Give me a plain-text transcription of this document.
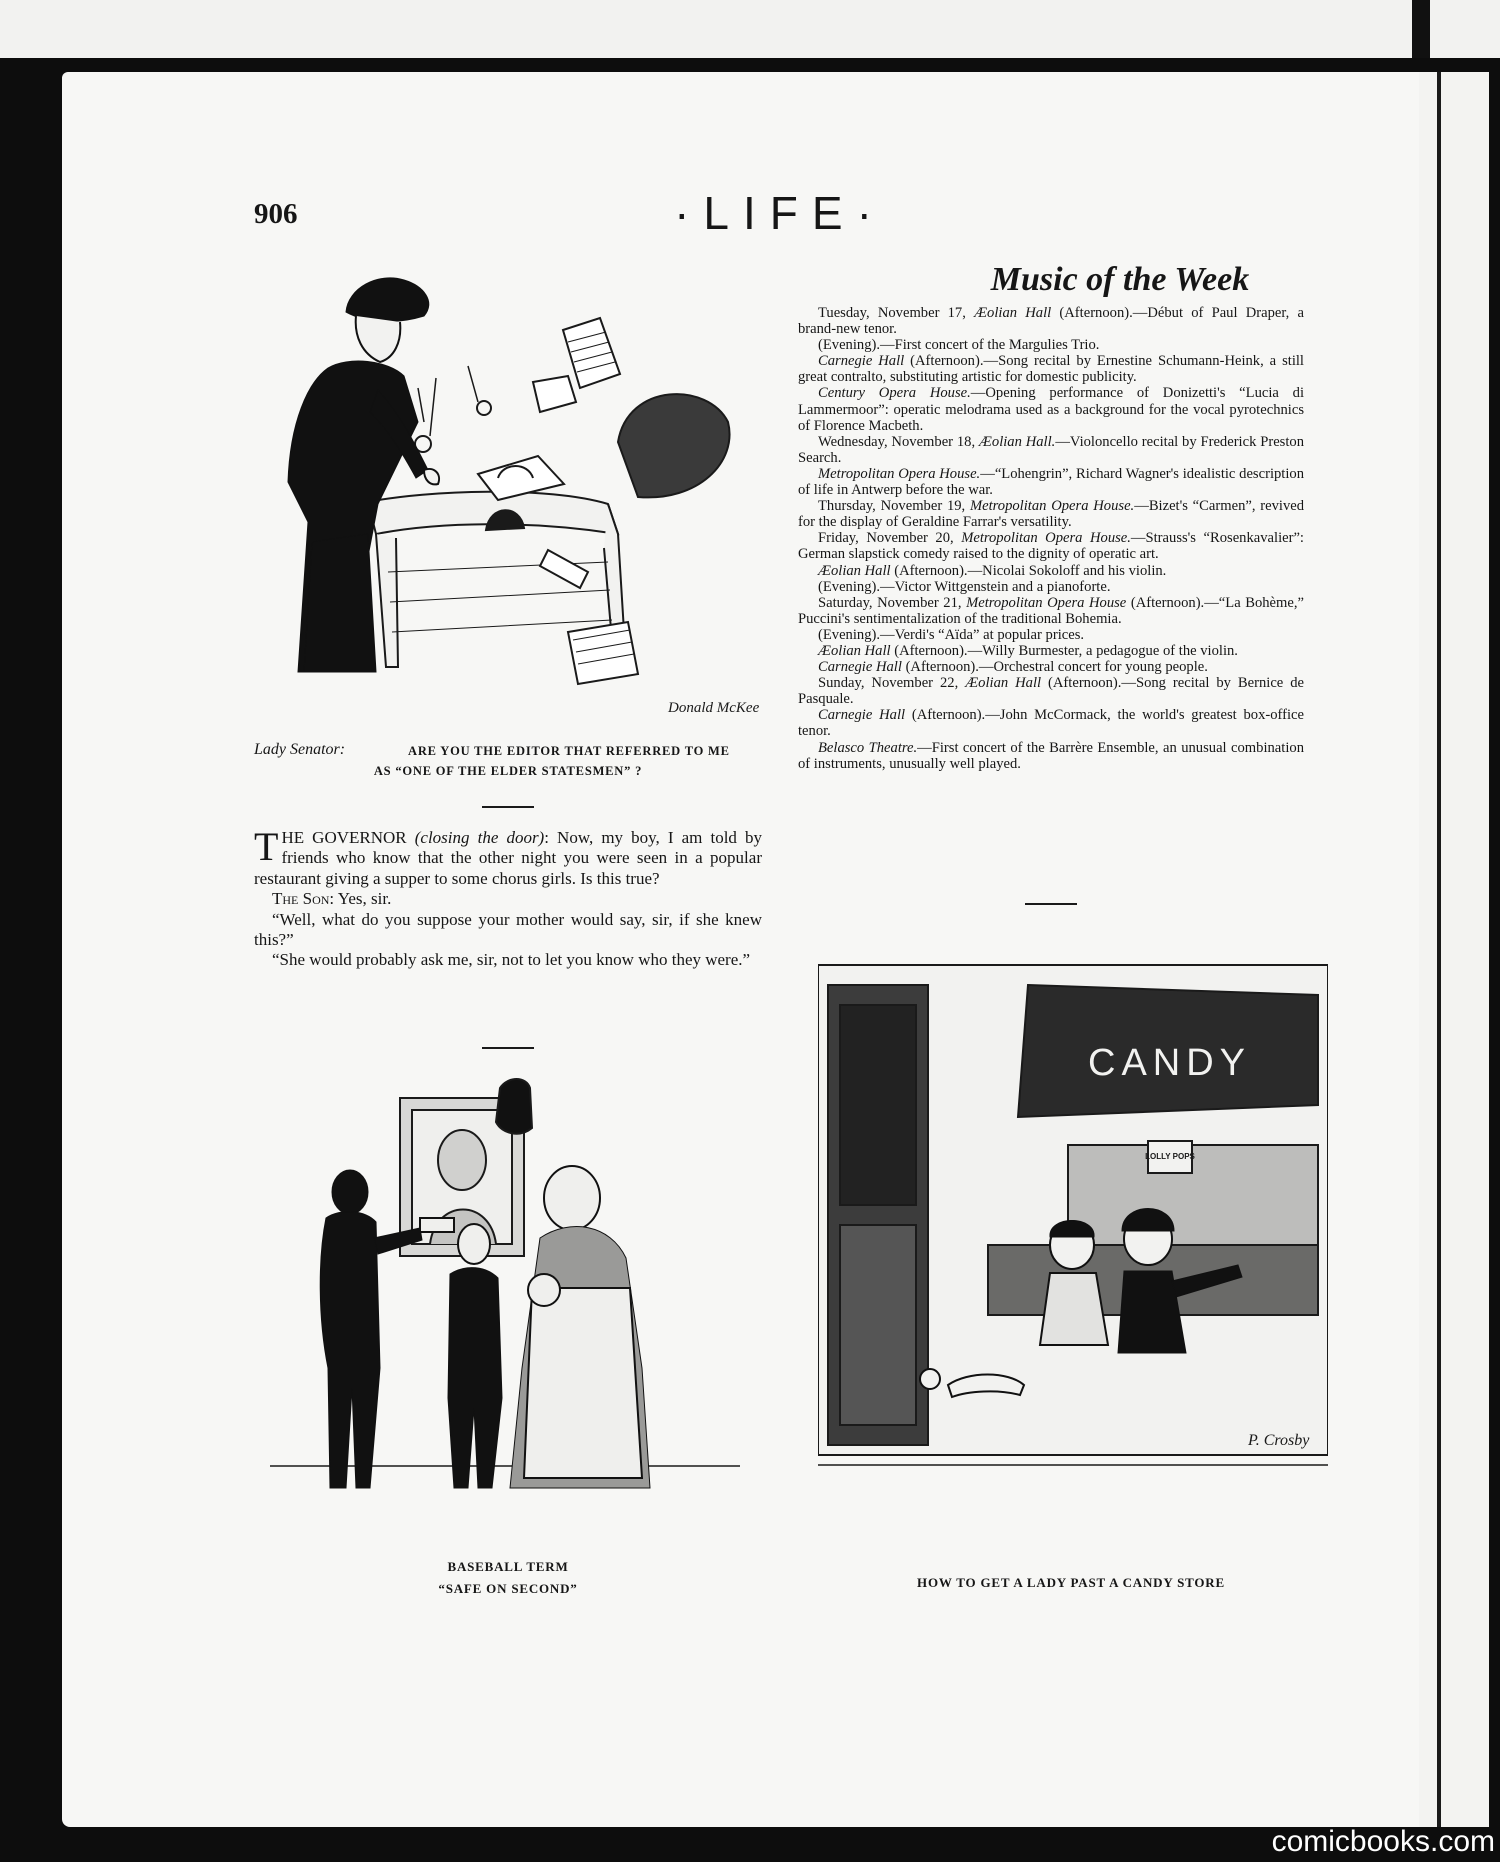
906	·LIFE·
Donald McKee
Lady Senator:	ARE YOU THE EDITOR THAT REFERRED TO ME
AS “ONE OF THE ELDER STATESMEN” ?

THE GOVERNOR (closing the door): Now, my boy, I am told by friends who know that the other night you were seen in a popular restaurant giving a supper to some chorus girls. Is this true?

The Son: Yes, sir.

“Well, what do you suppose your mother would say, sir, if she knew this?”

“She would probably ask me, sir, not to let you know who they were.”

BASEBALL TERM
“SAFE ON SECOND”
Music of the Week

Tuesday, November 17, Æolian Hall (Afternoon).—Début of Paul Draper, a brand-new tenor.

(Evening).—First concert of the Margulies Trio.

Carnegie Hall (Afternoon).—Song recital by Ernestine Schumann-Heink, a still great contralto, substituting artistic for domestic publicity.

Century Opera House.—Opening performance of Donizetti's “Lucia di Lammermoor”: operatic melodrama used as a background for the vocal pyrotechnics of Florence Macbeth.

Wednesday, November 18, Æolian Hall.—Violoncello recital by Frederick Preston Search.

Metropolitan Opera House.—“Lohengrin”, Richard Wagner's idealistic description of life in Antwerp before the war.

Thursday, November 19, Metropolitan Opera House.—Bizet's “Carmen”, revived for the display of Geraldine Farrar's versatility.

Friday, November 20, Metropolitan Opera House.—Strauss's “Rosenkavalier”: German slapstick comedy raised to the dignity of operatic art.

Æolian Hall (Afternoon).—Nicolai Sokoloff and his violin.

(Evening).—Victor Wittgenstein and a pianoforte.

Saturday, November 21, Metropolitan Opera House (Afternoon).—“La Bohème,” Puccini's sentimentalization of the traditional Bohemia.

(Evening).—Verdi's “Aïda” at popular prices.

Æolian Hall (Afternoon).—Willy Burmester, a pedagogue of the violin.

Carnegie Hall (Afternoon).—Orchestral concert for young people.

Sunday, November 22, Æolian Hall (Afternoon).—Song recital by Bernice de Pasquale.

Carnegie Hall (Afternoon).—John McCormack, the world's greatest box-office tenor.

Belasco Theatre.—First concert of the Barrère Ensemble, an unusual combination of instruments, unusually well played.

CANDY
LOLLY POPS
P. Crosby
HOW TO GET A LADY PAST A CANDY STORE
comicbooks.com
